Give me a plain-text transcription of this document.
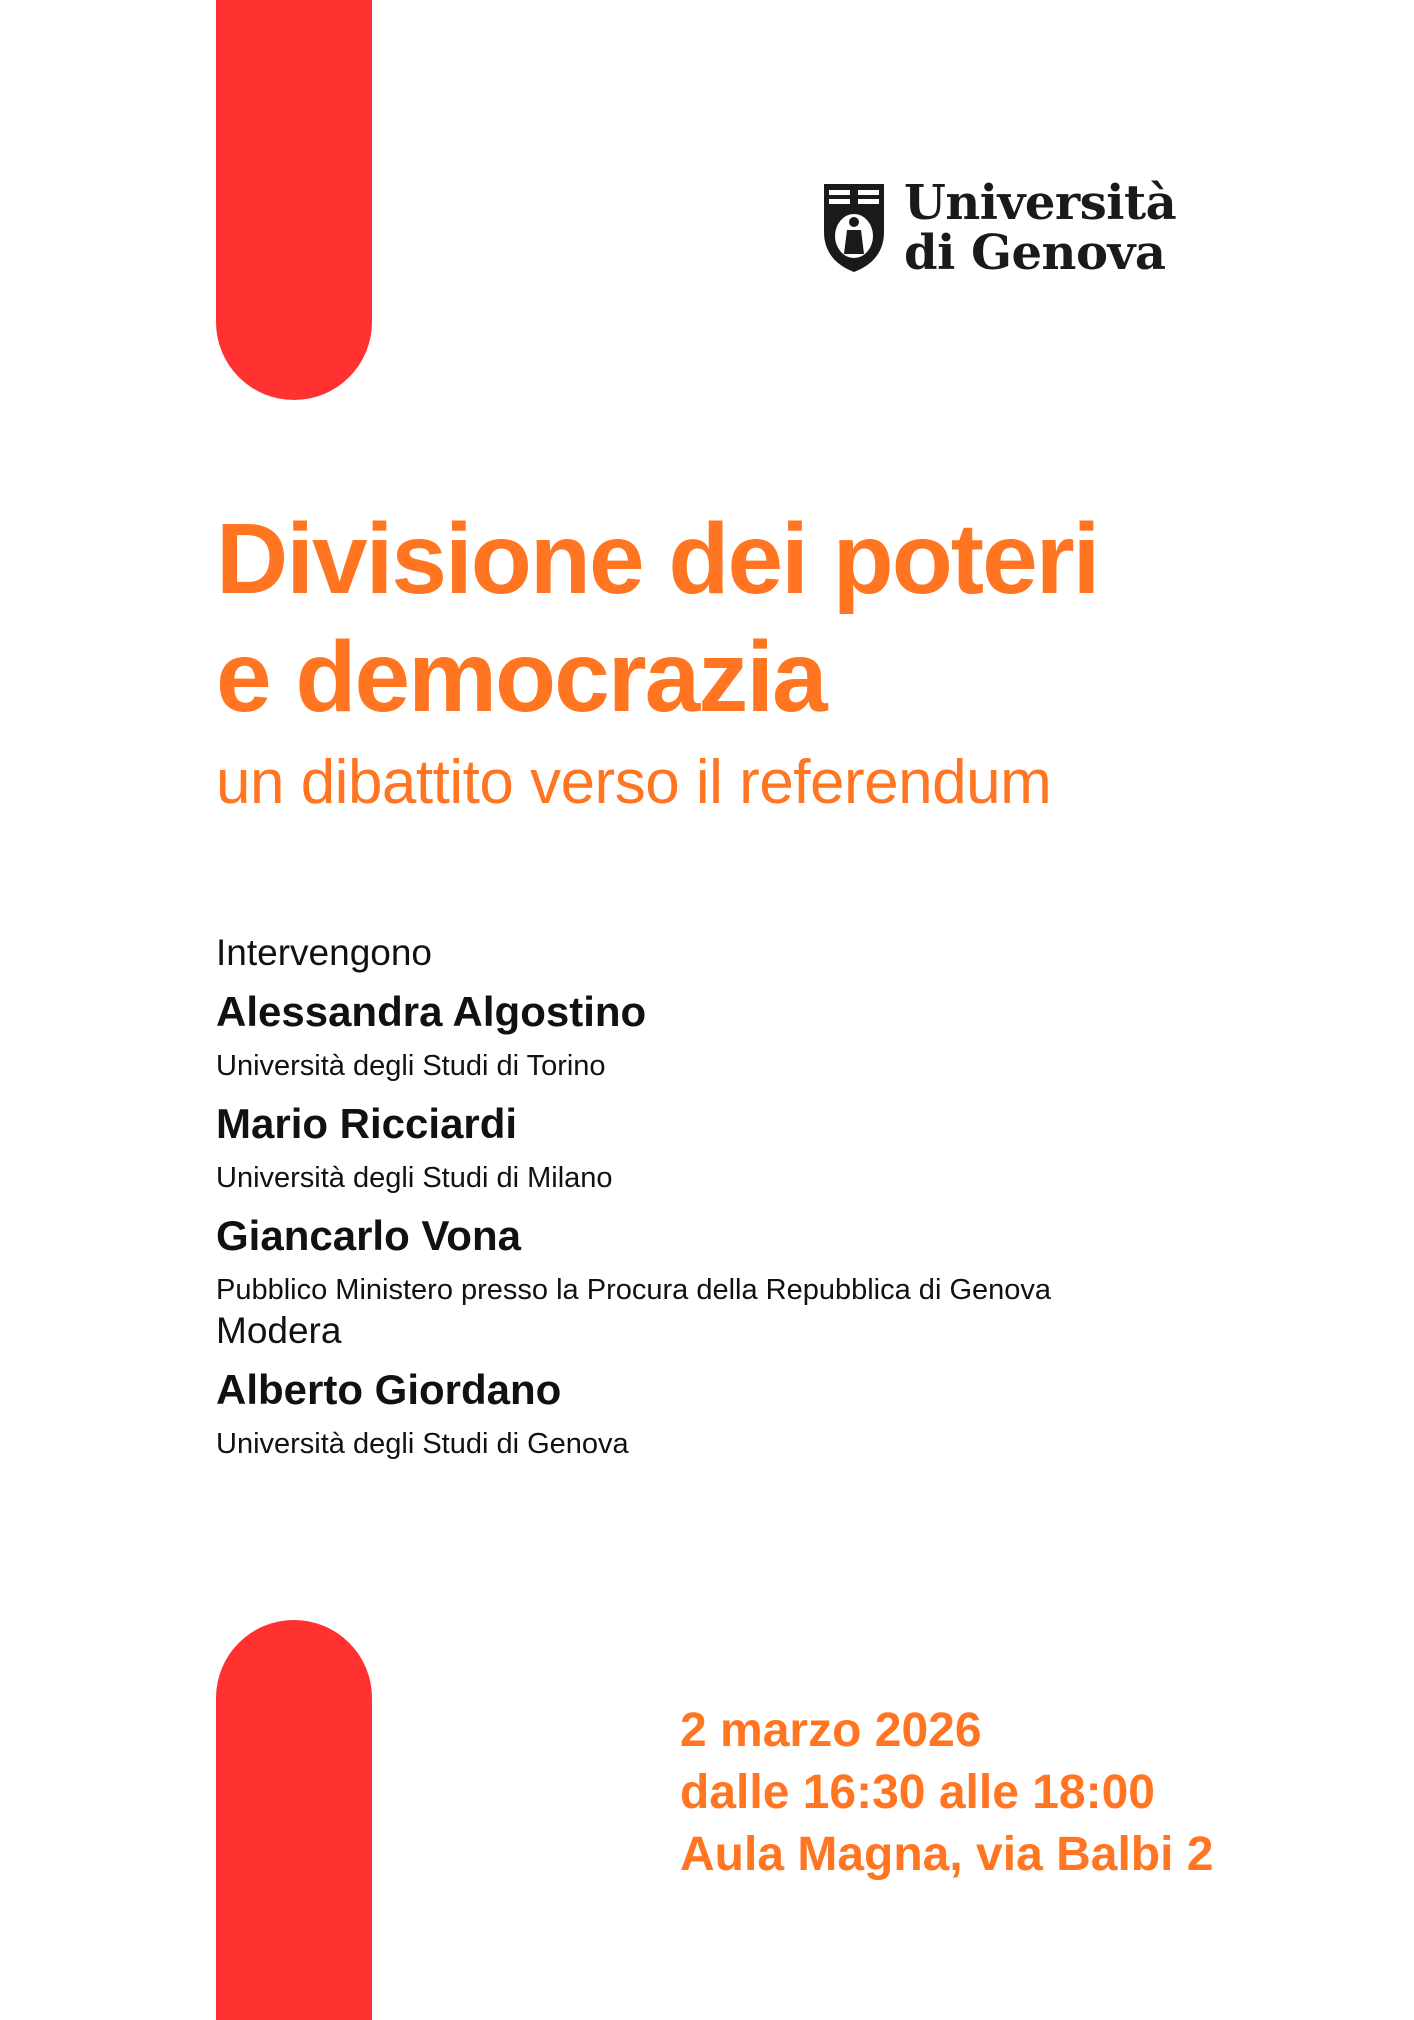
Università
di Genova
Divisione dei poteri
e democrazia
un dibattito verso il referendum
Intervengono
Alessandra Algostino
Università degli Studi di Torino
Mario Ricciardi
Università degli Studi di Milano
Giancarlo Vona
Pubblico Ministero presso la Procura della Repubblica di Genova
Modera
Alberto Giordano
Università degli Studi di Genova
2 marzo 2026
dalle 16:30 alle 18:00
Aula Magna, via Balbi 2
